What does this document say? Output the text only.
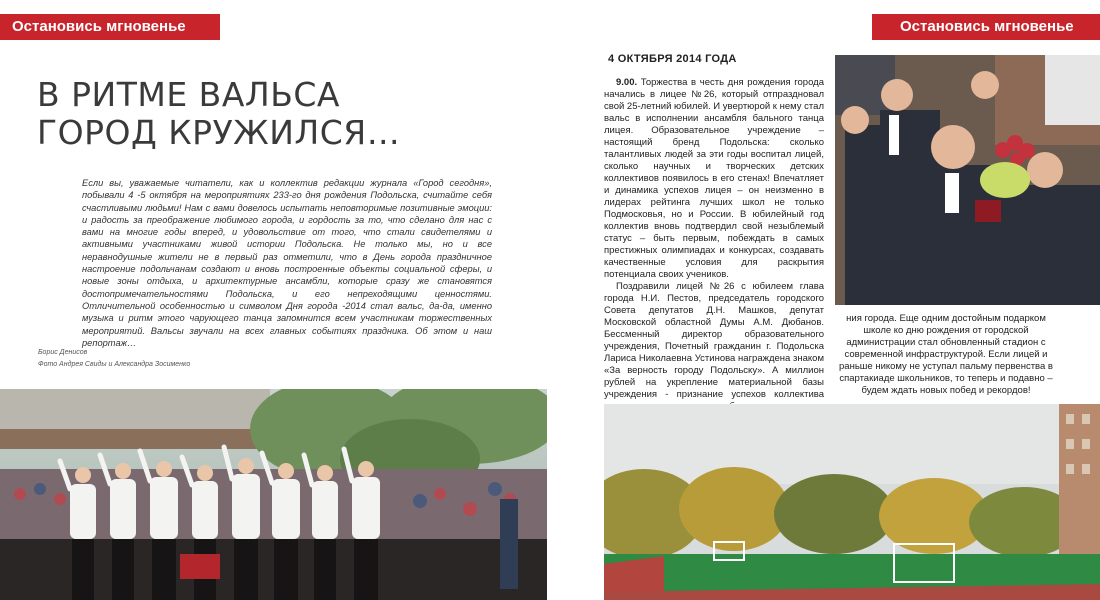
Остановись мгновенье	Остановись мгновенье
В РИТМЕ ВАЛЬСА
ГОРОД КРУЖИЛСЯ…

Если вы, уважаемые читатели, как и коллектив редакции журнала «Город сегодня», побывали 4 -5 октября на мероприятиях 233-го дня рождения Подольска, считайте себя счастливыми людьми! Нам с вами довелось испытать неповторимые позитивные эмоции: и радость за преображение любимого города, и гордость за то, что сделано для нас с вами на многие годы вперед, и удовольствие от того, что стали свидетелями и активными участниками живой истории Подольска. Не только мы, но и все неравнодушные жители не в первый раз отметили, что в День города праздничное настроение подольчанам создают и вновь построенные объекты социальной сферы, и новые зоны отдыха, и архитектурные ансамбли, которые сразу же становятся достопримечательностями Подольска, и его непреходящими ценностями. Отличительной особенностью и символом Дня города -2014 стал вальс, да-да, именно музыка и ритм этого чарующего танца запомнится всем участникам торжественных мероприятий. Вальсы звучали на всех главных событиях праздника. Об этом и наш репортаж…

Борис Денисов
Фото Андрея Свиды и Александра Зосименко
4 ОКТЯБРЯ 2014 ГОДА

9.00. Торжества в честь дня рождения города начались в лицее №26, который отпраздновал свой 25-летний юбилей. И увертюрой к нему стал вальс в исполнении ансамбля бального танца лицея. Образовательное учреждение – настоящий бренд Подольска: сколько талантливых людей за эти годы воспитал лицей, сколько научных и творческих детских коллективов появилось в его стенах! Впечатляет и динамика успехов лицея – он неизменно в лидерах рейтинга лучших школ не только Подмосковья, но и России. В юбилейный год коллектив вновь подтвердил свой незыблемый статус – быть первым, побеждать в самых престижных олимпиадах и конкурсах, создавать качественные условия для раскрытия потенциала своих учеников.

Поздравили лицей №26 с юбилеем глава города Н.И. Пестов, председатель городского Совета депутатов Д.Н. Машков, депутат Московской областной Думы А.М. Дюбанов. Бессменный директор образовательного учреждения, Почетный гражданин г. Подольска Лариса Николаевна Устинова награждена знаком «За верность городу Подольску». А миллион рублей на укрепление материальной базы учреждения - признание успехов коллектива

ния города. Еще одним достойным подарком школе ко дню рождения от городской администрации стал обновленный стадион с современной инфраструктурой. Если лицей и раньше никому не уступал пальму первенства в спартакиаде школьников, то теперь и подавно – будем ждать новых побед и рекордов!
